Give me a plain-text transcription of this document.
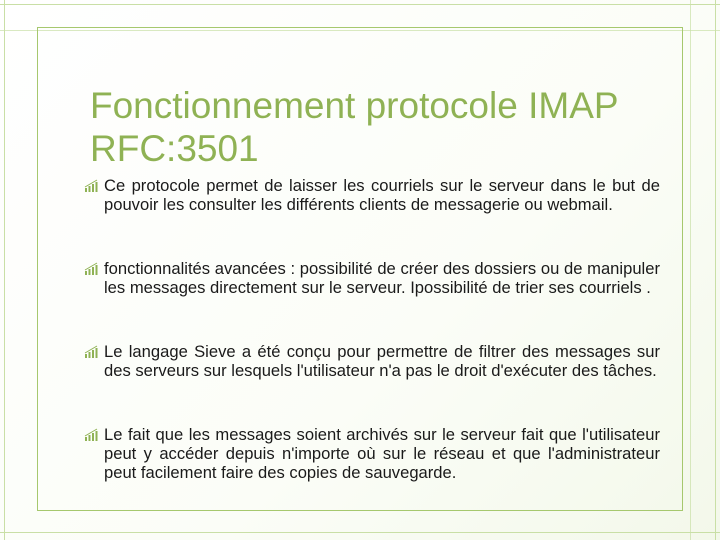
Fonctionnement protocole IMAP
RFC:3501
Ce protocole permet de laisser les courriels sur le serveur dans le but de pouvoir les consulter les différents clients de messagerie ou webmail.
fonctionnalités avancées : possibilité de créer des dossiers ou de manipuler les messages directement sur le serveur. Ipossibilité de trier ses courriels .
Le langage Sieve a été conçu pour permettre de filtrer des messages sur des serveurs sur lesquels l'utilisateur n'a pas le droit d'exécuter des tâches.
Le fait que les messages soient archivés sur le serveur fait que l'utilisateur peut y accéder depuis n'importe où sur le réseau et que l'administrateur peut facilement faire des copies de sauvegarde.
